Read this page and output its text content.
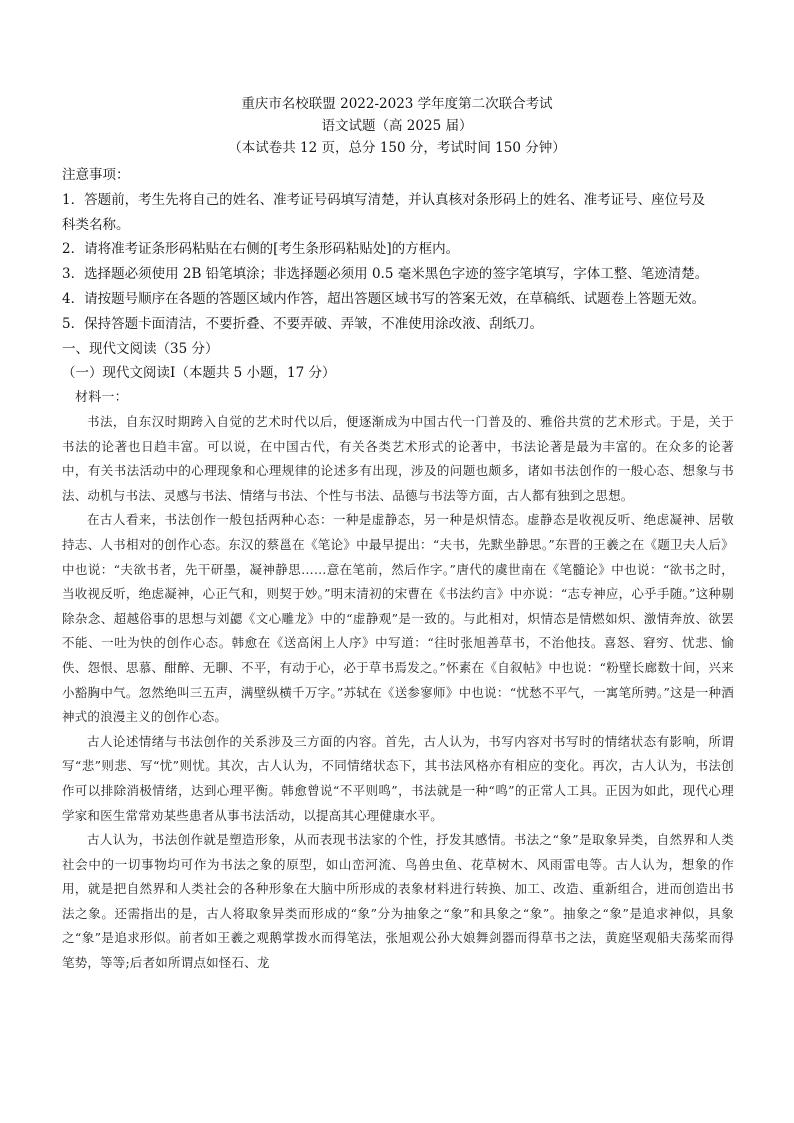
重庆市名校联盟 2022-2023 学年度第二次联合考试
语文试题（高 2025 届）
（本试卷共 12 页，总分 150 分，考试时间 150 分钟）
注意事项：
1．答题前，考生先将自己的姓名、准考证号码填写清楚，并认真核对条形码上的姓名、准考证号、座位号及
科类名称。
2．请将准考证条形码粘贴在右侧的[考生条形码粘贴处]的方框内。
3．选择题必须使用 2B 铅笔填涂；非选择题必须用 0.5 毫米黑色字迹的签字笔填写，字体工整、笔迹清楚。
4．请按题号顺序在各题的答题区域内作答，超出答题区域书写的答案无效，在草稿纸、试题卷上答题无效。
5．保持答题卡面清洁，不要折叠、不要弄破、弄皱，不准使用涂改液、刮纸刀。
一、现代文阅读（35 分）
（一）现代文阅读Ⅰ（本题共 5 小题，17 分）
材料一：

书法，自东汉时期跨入自觉的艺术时代以后，便逐渐成为中国古代一门普及的、雅俗共赏的艺术形式。于是，关于书法的论著也日趋丰富。可以说，在中国古代，有关各类艺术形式的论著中，书法论著是最为丰富的。在众多的论著中，有关书法活动中的心理现象和心理规律的论述多有出现，涉及的问题也颇多，诸如书法创作的一般心态、想象与书法、动机与书法、灵感与书法、情绪与书法、个性与书法、品德与书法等方面，古人都有独到之思想。

在古人看来，书法创作一般包括两种心态：一种是虚静态，另一种是炽情态。虚静态是收视反听、绝虑凝神、居敬持志、人书相对的创作心态。东汉的蔡邕在《笔论》中最早提出：“夫书，先默坐静思。”东晋的王羲之在《题卫夫人后》中也说：“夫欲书者，先干研墨，凝神静思……意在笔前，然后作字。”唐代的虞世南在《笔髓论》中也说：“欲书之时，当收视反听，绝虑凝神，心正气和，则契于妙。”明末清初的宋曹在《书法约言》中亦说：“志专神应，心乎手随。”这种剔除杂念、超越俗事的思想与刘勰《文心雕龙》中的“虚静观”是一致的。与此相对，炽情态是情燃如炽、激情奔放、欲罢不能、一吐为快的创作心态。韩愈在《送高闲上人序》中写道：“往时张旭善草书，不治他技。喜怒、窘穷、忧悲、愉佚、怨恨、思慕、酣醉、无聊、不平，有动于心，必于草书焉发之。”怀素在《自叙帖》中也说：“粉壁长廊数十间，兴来小豁胸中气。忽然绝叫三五声，满壁纵横千万字。”苏轼在《送参寥师》中也说：“忧愁不平气，一寓笔所骋。”这是一种酒神式的浪漫主义的创作心态。

古人论述情绪与书法创作的关系涉及三方面的内容。首先，古人认为，书写内容对书写时的情绪状态有影响，所谓写“悲”则悲、写“忧”则忧。其次，古人认为，不同情绪状态下，其书法风格亦有相应的变化。再次，古人认为，书法创作可以排除消极情绪，达到心理平衡。韩愈曾说“不平则鸣”，书法就是一种“鸣”的正常人工具。正因为如此，现代心理学家和医生常常劝某些患者从事书法活动，以提高其心理健康水平。

古人认为，书法创作就是塑造形象，从而表现书法家的个性，抒发其感情。书法之“象”是取象异类，自然界和人类社会中的一切事物均可作为书法之象的原型，如山峦河流、鸟兽虫鱼、花草树木、风雨雷电等。古人认为，想象的作用，就是把自然界和人类社会的各种形象在大脑中所形成的表象材料进行转换、加工、改造、重新组合，进而创造出书法之象。还需指出的是，古人将取象异类而形成的“象”分为抽象之“象”和具象之“象”。抽象之“象”是追求神似，具象之“象”是追求形似。前者如王羲之观鹅掌拨水而得笔法，张旭观公孙大娘舞剑器而得草书之法，黄庭坚观船夫荡桨而得笔势，等等;后者如所谓点如怪石、龙
